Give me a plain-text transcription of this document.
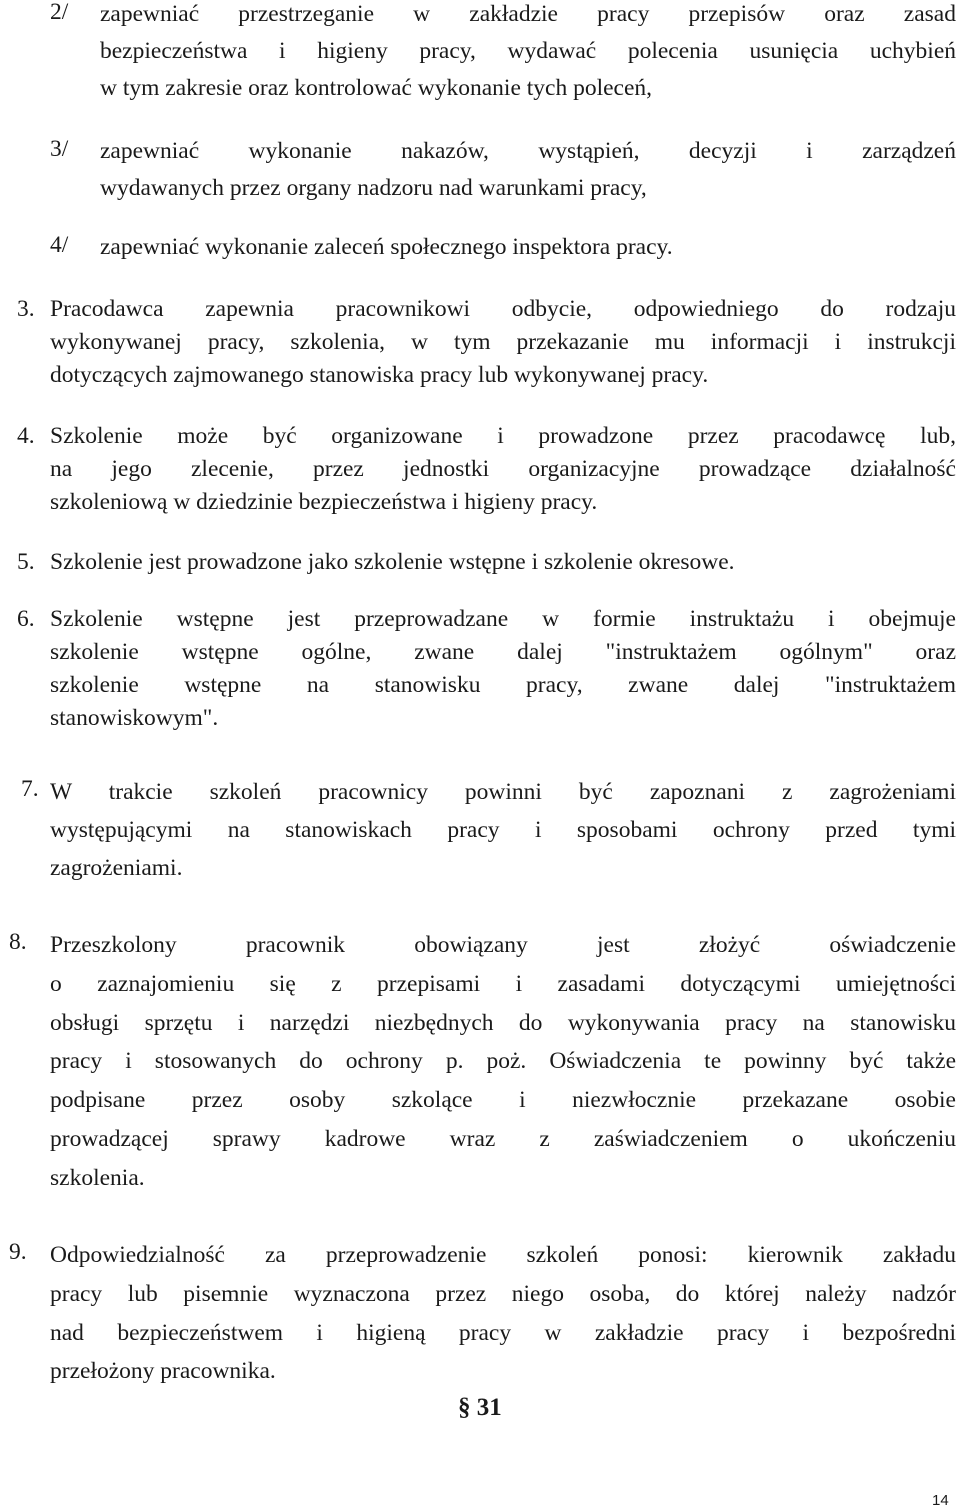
2/ zapewniać przestrzeganie w zakładzie pracy przepisów oraz zasad
bezpieczeństwa i higieny pracy, wydawać polecenia usunięcia uchybień
w tym zakresie oraz kontrolować wykonanie tych poleceń,
3/ zapewniać wykonanie nakazów, wystąpień, decyzji i zarządzeń
wydawanych przez organy nadzoru nad warunkami pracy,
4/ zapewniać wykonanie zaleceń społecznego inspektora pracy.
3. Pracodawca zapewnia pracownikowi odbycie, odpowiedniego do rodzaju
wykonywanej pracy, szkolenia, w tym przekazanie mu informacji i instrukcji
dotyczących zajmowanego stanowiska pracy lub wykonywanej pracy.
4. Szkolenie może być organizowane i prowadzone przez pracodawcę lub,
na jego zlecenie, przez jednostki organizacyjne prowadzące działalność
szkoleniową w dziedzinie bezpieczeństwa i higieny pracy.
5. Szkolenie jest prowadzone jako szkolenie wstępne i szkolenie okresowe.
6. Szkolenie wstępne jest przeprowadzane w formie instruktażu i obejmuje
szkolenie wstępne ogólne, zwane dalej "instruktażem ogólnym" oraz
szkolenie wstępne na stanowisku pracy, zwane dalej "instruktażem
stanowiskowym".
7. W trakcie szkoleń pracownicy powinni być zapoznani z zagrożeniami
występującymi na stanowiskach pracy i sposobami ochrony przed tymi
zagrożeniami.
8. Przeszkolony pracownik obowiązany jest złożyć oświadczenie
o zaznajomieniu się z przepisami i zasadami dotyczącymi umiejętności
obsługi sprzętu i narzędzi niezbędnych do wykonywania pracy na stanowisku
pracy i stosowanych do ochrony p. poż. Oświadczenia te powinny być także
podpisane przez osoby szkolące i niezwłocznie przekazane osobie
prowadzącej sprawy kadrowe wraz z zaświadczeniem o ukończeniu
szkolenia.
9. Odpowiedzialność za przeprowadzenie szkoleń ponosi: kierownik zakładu
pracy lub pisemnie wyznaczona przez niego osoba, do której należy nadzór
nad bezpieczeństwem i higieną pracy w zakładzie pracy i bezpośredni
przełożony pracownika.
§ 31
14
